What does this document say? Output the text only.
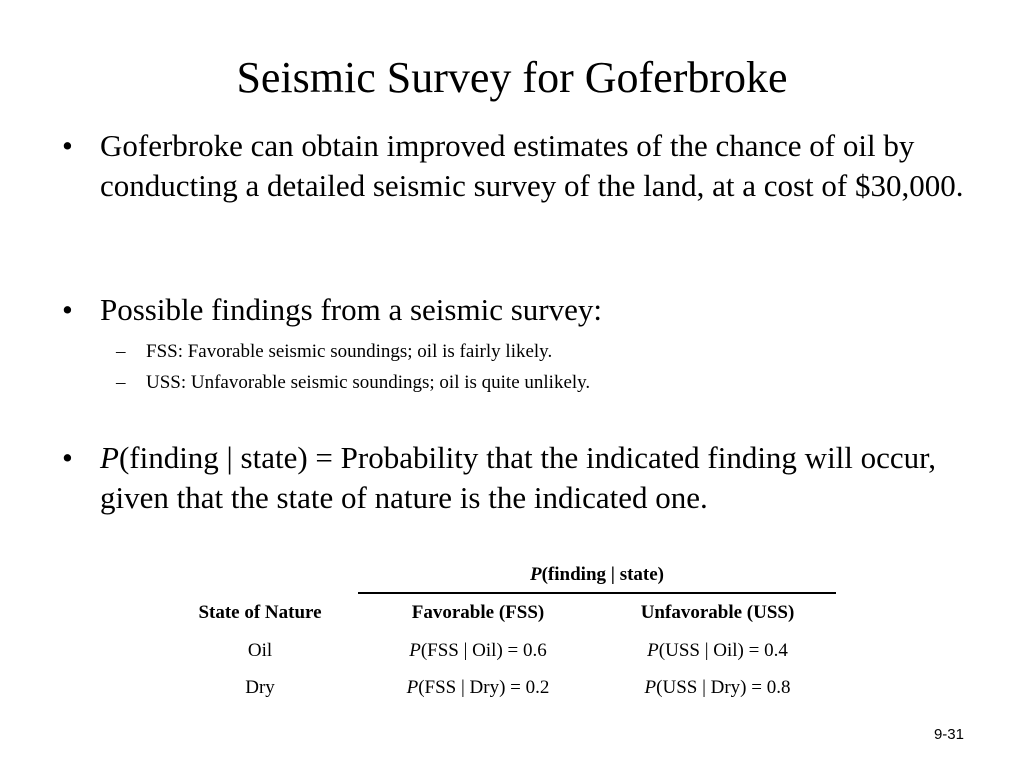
Seismic Survey for Goferbroke
• Goferbroke can obtain improved estimates of the chance of oil by conducting a detailed seismic survey of the land, at a cost of $30,000.
• Possible findings from a seismic survey:
– FSS: Favorable seismic soundings; oil is fairly likely.
– USS: Unfavorable seismic soundings; oil is quite unlikely.
• P(finding | state) = Probability that the indicated finding will occur, given that the state of nature is the indicated one.
P(finding | state)
State of Nature	Favorable (FSS)	Unfavorable (USS)
Oil	P(FSS | Oil) = 0.6	P(USS | Oil) = 0.4
Dry	P(FSS | Dry) = 0.2	P(USS | Dry) = 0.8
9-31
